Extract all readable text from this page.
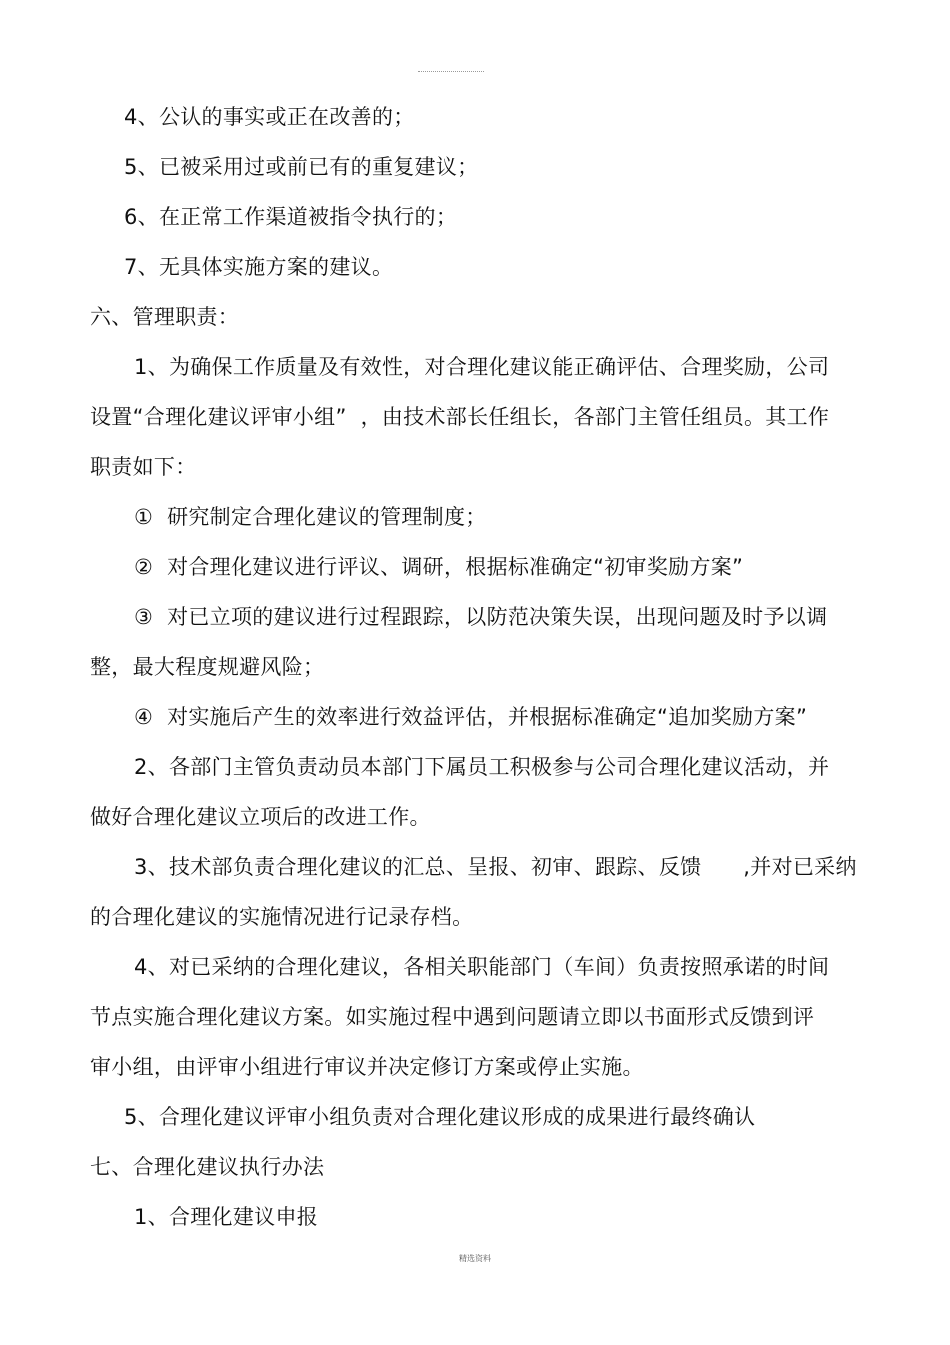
4、公认的事实或正在改善的；
5、已被采用过或前已有的重复建议；
6、在正常工作渠道被指令执行的；
7、无具体实施方案的建议。
六、管理职责：
1、为确保工作质量及有效性，对合理化建议能正确评估、合理奖励，公司
设置“合理化建议评审小组”  ，由技术部长任组长，各部门主管任组员。其工作
职责如下：
①  研究制定合理化建议的管理制度；
②  对合理化建议进行评议、调研，根据标准确定“初审奖励方案”
③  对已立项的建议进行过程跟踪，以防范决策失误，出现问题及时予以调
整，最大程度规避风险；
④  对实施后产生的效率进行效益评估，并根据标准确定“追加奖励方案”
2、各部门主管负责动员本部门下属员工积极参与公司合理化建议活动，并
做好合理化建议立项后的改进工作。
3、技术部负责合理化建议的汇总、呈报、初审、跟踪、反馈      ,并对已采纳
的合理化建议的实施情况进行记录存档。
4、对已采纳的合理化建议，各相关职能部门（车间）负责按照承诺的时间
节点实施合理化建议方案。如实施过程中遇到问题请立即以书面形式反馈到评
审小组，由评审小组进行审议并决定修订方案或停止实施。
5、合理化建议评审小组负责对合理化建议形成的成果进行最终确认
七、合理化建议执行办法
1、合理化建议申报
精选资料
